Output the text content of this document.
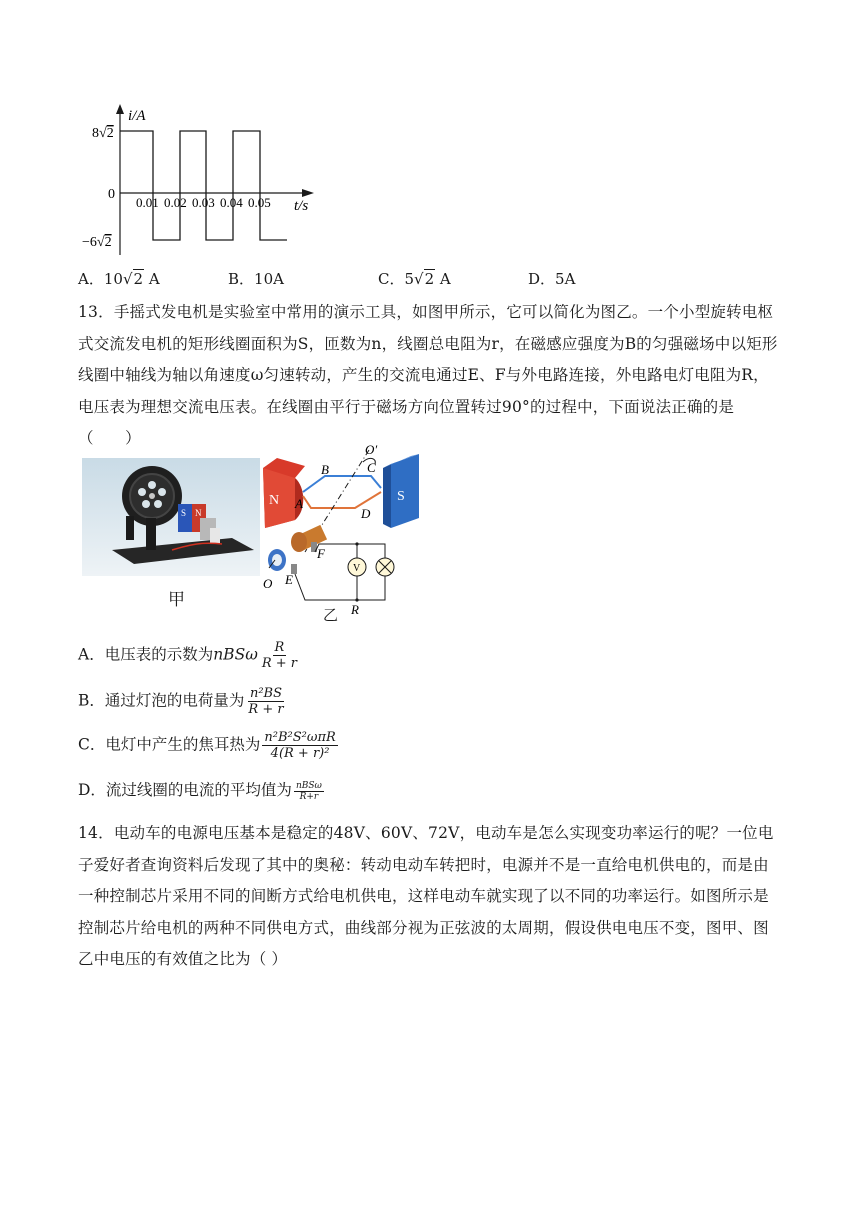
i/A
8√2
0
−6√2
0.01 0.02 0.03 0.04 0.05 t/s
A．10√2 A	B．10A	C．5√2 A	D．5A
13．手摇式发电机是实验室中常用的演示工具，如图甲所示，它可以简化为图乙。一个小型旋转电枢式交流发电机的矩形线圈面积为S，匝数为n，线圈总电阻为r，在磁感应强度为B的匀强磁场中以矩形线圈中轴线为轴以角速度ω匀速转动，产生的交流电通过E、F与外电路连接，外电路电灯电阻为R，电压表为理想交流电压表。在线圈由平行于磁场方向位置转过90°的过程中，下面说法正确的是（　　）
S N
甲
N	S
V
O′
C
B
A
D
F
E
O
R
乙
A．电压表的示数为nBSω $\frac{R}{R + r}$
B．通过灯泡的电荷量为 $\frac{\text{n²BS}}{R + r}$
C．电灯中产生的焦耳热为 $\frac{\text{n²B²S²ωπR}}{\text{4(R + r)²}}$
D．流过线圈的电流的平均值为 $\frac{\text{nBSω}}{R+r}$
14．电动车的电源电压基本是稳定的48V、60V、72V，电动车是怎么实现变功率运行的呢？一位电子爱好者查询资料后发现了其中的奥秘：转动电动车转把时，电源并不是一直给电机供电的，而是由一种控制芯片采用不同的间断方式给电机供电，这样电动车就实现了以不同的功率运行。如图所示是控制芯片给电机的两种不同供电方式，曲线部分视为正弦波的太周期，假设供电电压不变，图甲、图乙中电压的有效值之比为（ ）
